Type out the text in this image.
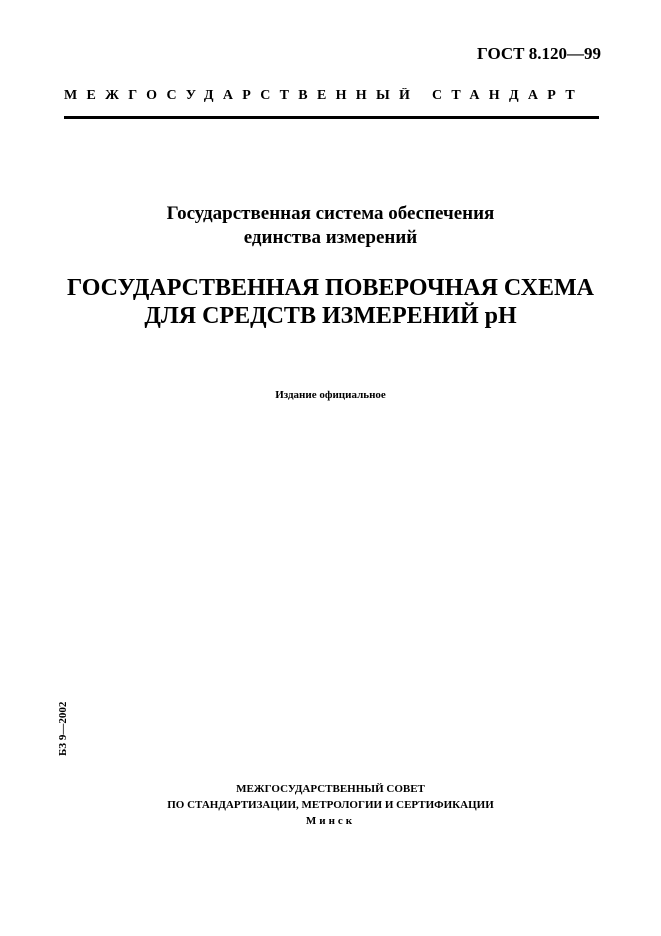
ГОСТ 8.120—99
МЕЖГОСУДАРСТВЕННЫЙ СТАНДАРТ
Государственная система обеспечения
единства измерений
ГОСУДАРСТВЕННАЯ ПОВЕРОЧНАЯ СХЕМА
ДЛЯ СРЕДСТВ ИЗМЕРЕНИЙ pH
Издание официальное
БЗ 9—2002
МЕЖГОСУДАРСТВЕННЫЙ СОВЕТ
ПО СТАНДАРТИЗАЦИИ, МЕТРОЛОГИИ И СЕРТИФИКАЦИИ
Минск
